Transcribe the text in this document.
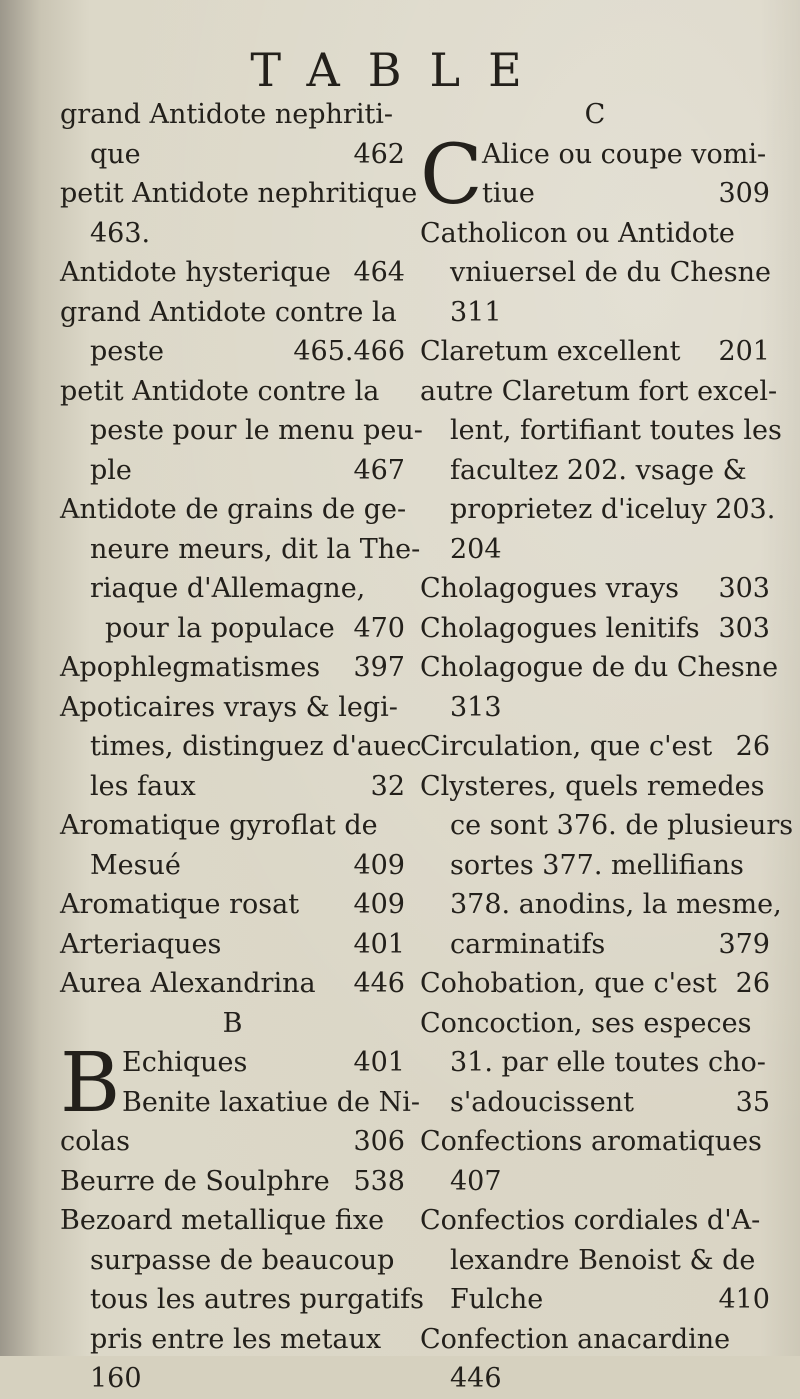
TABLE
grand Antidote nephriti-
que	462
petit Antidote nephritique
463.
Antidote hysterique 464
grand Antidote contre la
peste	465.466
petit Antidote contre la
peste pour le menu peu-
ple	467
Antidote de grains de ge-
neure meurs, dit la The-
riaque d'Allemagne,
pour la populace 470
Apophlegmatismes 397
Apoticaires vrays & legi-
times, distinguez d'auec
les faux	32
Aromatique gyroflat de
Mesué	409
Aromatique rosat 409
Arteriaques	401
Aurea Alexandrina 446
B
B Echiques	401
Benite laxatiue de Ni-
colas	306
Beurre de Soulphre 538
Bezoard metallique fixe
surpasse de beaucoup
tous les autres purgatifs
pris entre les metaux
160
C
C Alice ou coupe vomi-
tiue	309
Catholicon ou Antidote
vniuersel de du Chesne
311
Claretum excellent 201
autre Claretum fort excel-
lent, fortifiant toutes les
facultez 202. vsage &
proprietez d'iceluy 203.
204
Cholagogues vrays 303
Cholagogues lenitifs 303
Cholagogue de du Chesne
313
Circulation, que c'est 26
Clysteres, quels remedes
ce sont 376. de plusieurs
sortes 377. mellifians
378. anodins, la mesme,
carminatifs	379
Cohobation, que c'est 26
Concoction, ses especes
31. par elle toutes cho-
s'adoucissent	35
Confections aromatiques
407
Confectios cordiales d'A-
lexandre Benoist & de
Fulche	410
Confection anacardine
446
